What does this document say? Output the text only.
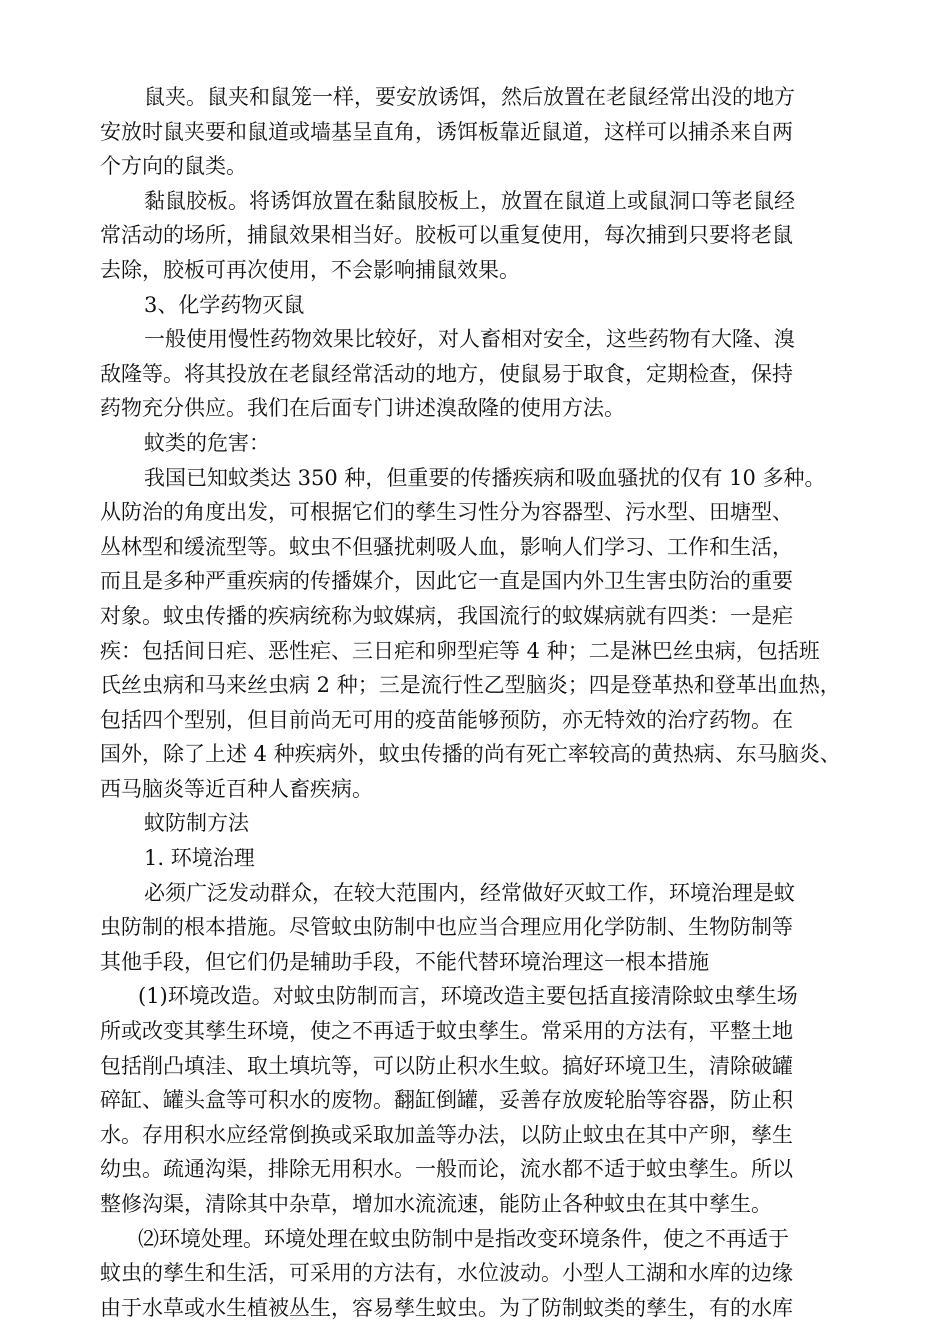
鼠夹。鼠夹和鼠笼一样，要安放诱饵，然后放置在老鼠经常出没的地方
安放时鼠夹要和鼠道或墙基呈直角，诱饵板靠近鼠道，这样可以捕杀来自两
个方向的鼠类。
黏鼠胶板。将诱饵放置在黏鼠胶板上，放置在鼠道上或鼠洞口等老鼠经
常活动的场所，捕鼠效果相当好。胶板可以重复使用，每次捕到只要将老鼠
去除，胶板可再次使用，不会影响捕鼠效果。
3、化学药物灭鼠
一般使用慢性药物效果比较好，对人畜相对安全，这些药物有大隆、溴
敌隆等。将其投放在老鼠经常活动的地方，使鼠易于取食，定期检查，保持
药物充分供应。我们在后面专门讲述溴敌隆的使用方法。
蚊类的危害：
我国已知蚊类达 350 种，但重要的传播疾病和吸血骚扰的仅有 10 多种。
从防治的角度出发，可根据它们的孳生习性分为容器型、污水型、田塘型、
丛林型和缓流型等。蚊虫不但骚扰刺吸人血，影响人们学习、工作和生活，
而且是多种严重疾病的传播媒介，因此它一直是国内外卫生害虫防治的重要
对象。蚊虫传播的疾病统称为蚊媒病，我国流行的蚊媒病就有四类：一是疟
疾：包括间日疟、恶性疟、三日疟和卵型疟等 4 种；二是淋巴丝虫病，包括班
氏丝虫病和马来丝虫病 2 种；三是流行性乙型脑炎；四是登革热和登革出血热，
包括四个型别，但目前尚无可用的疫苗能够预防，亦无特效的治疗药物。在
国外，除了上述 4 种疾病外，蚊虫传播的尚有死亡率较高的黄热病、东马脑炎、
西马脑炎等近百种人畜疾病。
蚊防制方法
1. 环境治理
必须广泛发动群众，在较大范围内，经常做好灭蚊工作，环境治理是蚊
虫防制的根本措施。尽管蚊虫防制中也应当合理应用化学防制、生物防制等
其他手段，但它们仍是辅助手段，不能代替环境治理这一根本措施
(1)环境改造。对蚊虫防制而言，环境改造主要包括直接清除蚊虫孳生场
所或改变其孳生环境，使之不再适于蚊虫孳生。常采用的方法有，平整土地
包括削凸填洼、取土填坑等，可以防止积水生蚊。搞好环境卫生，清除破罐
碎缸、罐头盒等可积水的废物。翻缸倒罐，妥善存放废轮胎等容器，防止积
水。存用积水应经常倒换或采取加盖等办法，以防止蚊虫在其中产卵，孳生
幼虫。疏通沟渠，排除无用积水。一般而论，流水都不适于蚊虫孳生。所以
整修沟渠，清除其中杂草，增加水流流速，能防止各种蚊虫在其中孳生。
⑵环境处理。环境处理在蚊虫防制中是指改变环境条件，使之不再适于
蚊虫的孳生和生活，可采用的方法有，水位波动。小型人工湖和水库的边缘
由于水草或水生植被丛生，容易孳生蚊虫。为了防制蚊类的孳生，有的水库
